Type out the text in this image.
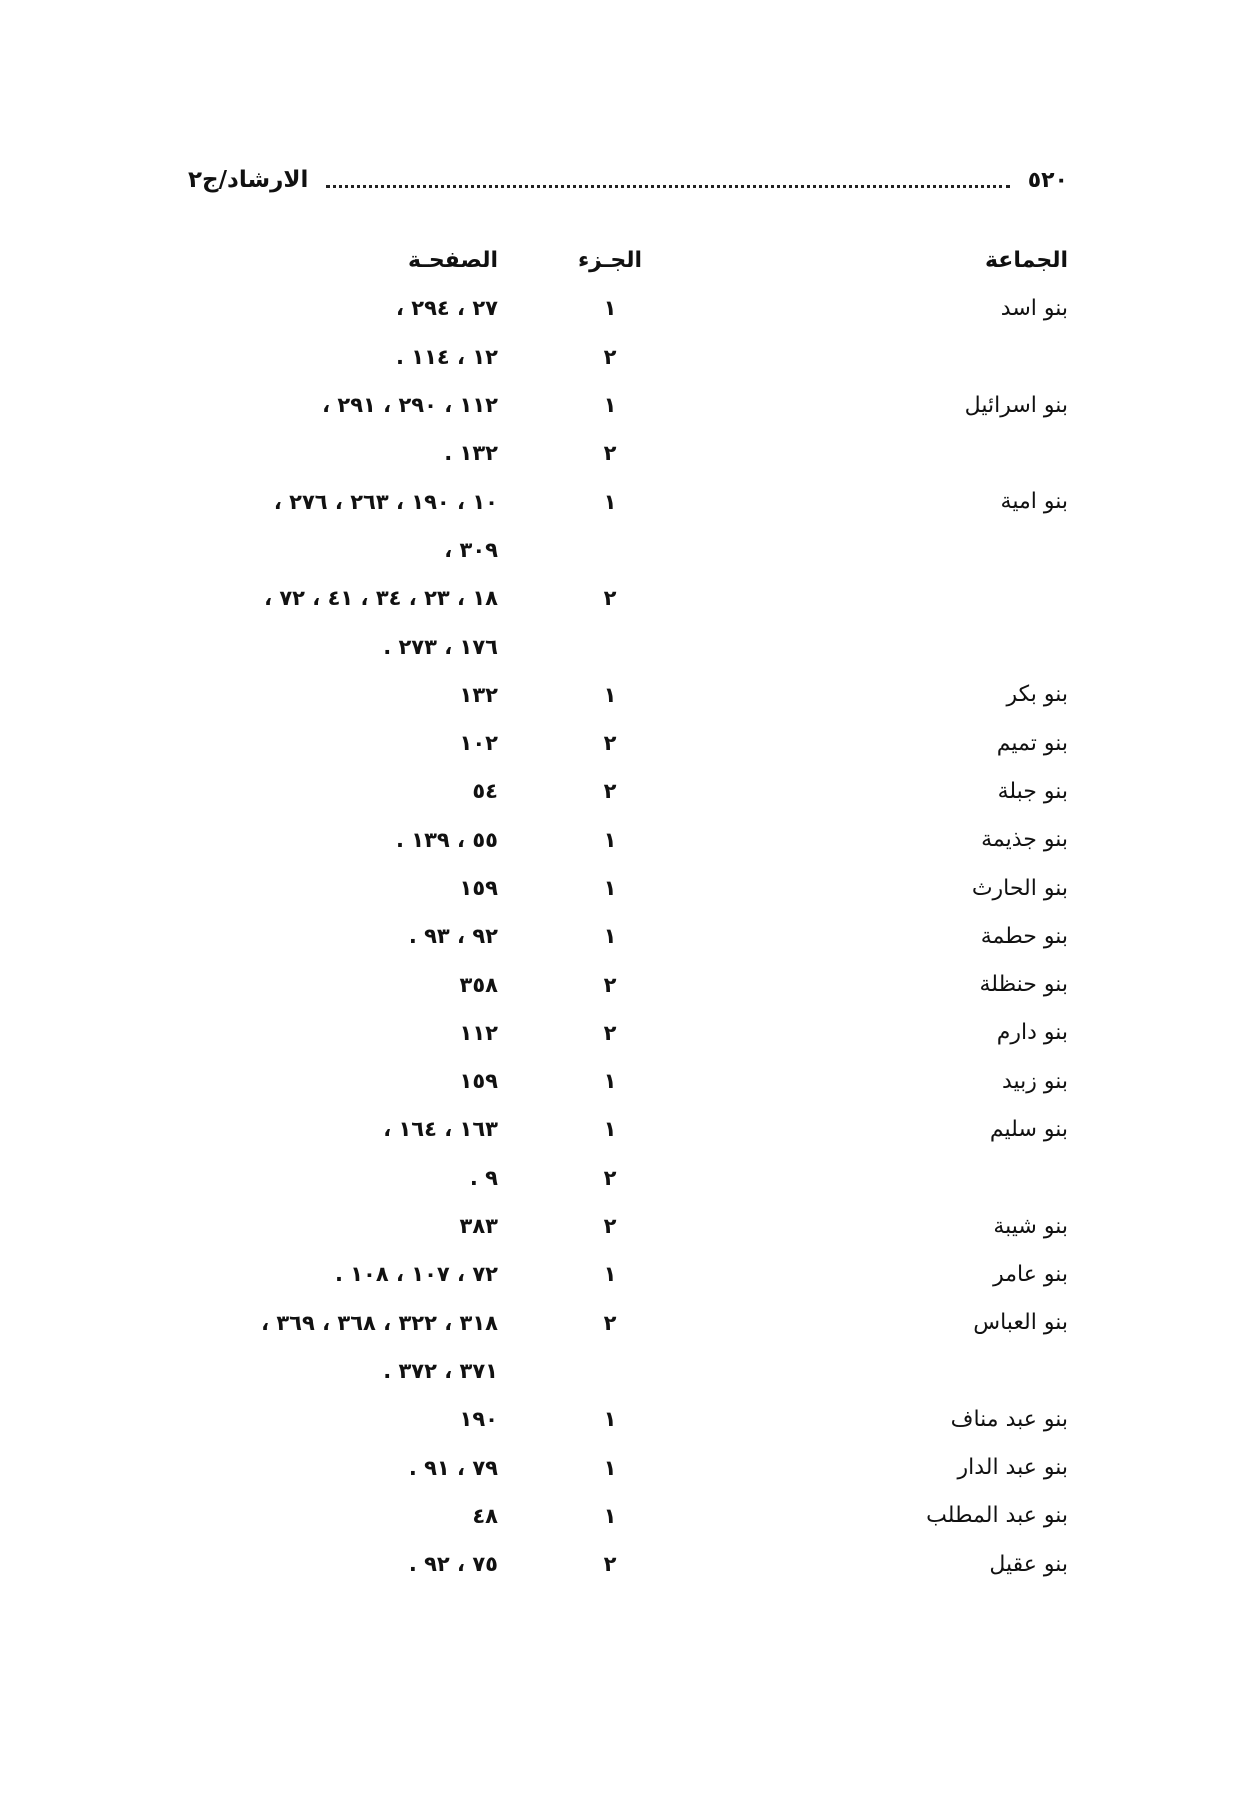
٥٢٠
الارشاد/ج٢
الجماعة
الجـزء
الصفحـة
بنو اسد
١
٢٧ ، ٢٩٤ ،
٢
١٢ ، ١١٤ .
بنو اسرائيل
١
١١٢ ، ٢٩٠ ، ٢٩١ ،
٢
١٣٢ .
بنو امية
١
١٠ ، ١٩٠ ، ٢٦٣ ، ٢٧٦ ،
٣٠٩ ،
٢
١٨ ، ٢٣ ، ٣٤ ، ٤١ ، ٧٢ ،
١٧٦ ، ٢٧٣ .
بنو بكر
١
١٣٢
بنو تميم
٢
١٠٢
بنو جبلة
٢
٥٤
بنو جذيمة
١
٥٥ ، ١٣٩ .
بنو الحارث
١
١٥٩
بنو حطمة
١
٩٢ ، ٩٣ .
بنو حنظلة
٢
٣٥٨
بنو دارم
٢
١١٢
بنو زبيد
١
١٥٩
بنو سليم
١
١٦٣ ، ١٦٤ ،
٢
٩ .
بنو شيبة
٢
٣٨٣
بنو عامر
١
٧٢ ، ١٠٧ ، ١٠٨ .
بنو العباس
٢
٣١٨ ، ٣٢٢ ، ٣٦٨ ، ٣٦٩ ،
٣٧١ ، ٣٧٢ .
بنو عبد مناف
١
١٩٠
بنو عبد الدار
١
٧٩ ، ٩١ .
بنو عبد المطلب
١
٤٨
بنو عقيل
٢
٧٥ ، ٩٢ .
